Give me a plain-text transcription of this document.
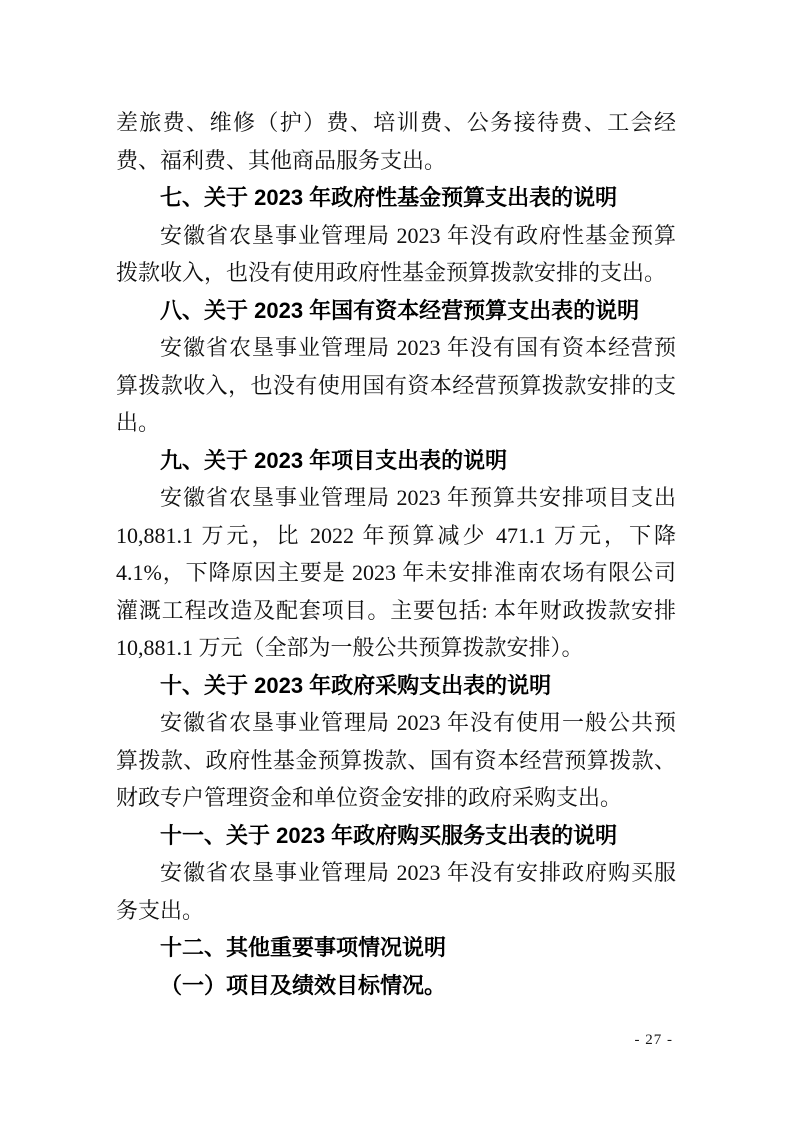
差旅费、维修（护）费、培训费、公务接待费、工会经费、福利费、其他商品服务支出。

七、关于 2023 年政府性基金预算支出表的说明

安徽省农垦事业管理局 2023 年没有政府性基金预算拨款收入，也没有使用政府性基金预算拨款安排的支出。

八、关于 2023 年国有资本经营预算支出表的说明

安徽省农垦事业管理局 2023 年没有国有资本经营预算拨款收入，也没有使用国有资本经营预算拨款安排的支出。

九、关于 2023 年项目支出表的说明

安徽省农垦事业管理局 2023 年预算共安排项目支出 10,881.1 万元，比 2022 年预算减少 471.1 万元，下降 4.1%，下降原因主要是 2023 年未安排淮南农场有限公司灌溉工程改造及配套项目。主要包括: 本年财政拨款安排 10,881.1 万元（全部为一般公共预算拨款安排）。

十、关于 2023 年政府采购支出表的说明

安徽省农垦事业管理局 2023 年没有使用一般公共预算拨款、政府性基金预算拨款、国有资本经营预算拨款、财政专户管理资金和单位资金安排的政府采购支出。

十一、关于 2023 年政府购买服务支出表的说明

安徽省农垦事业管理局 2023 年没有安排政府购买服务支出。

十二、其他重要事项情况说明

（一）项目及绩效目标情况。

- 27 -
